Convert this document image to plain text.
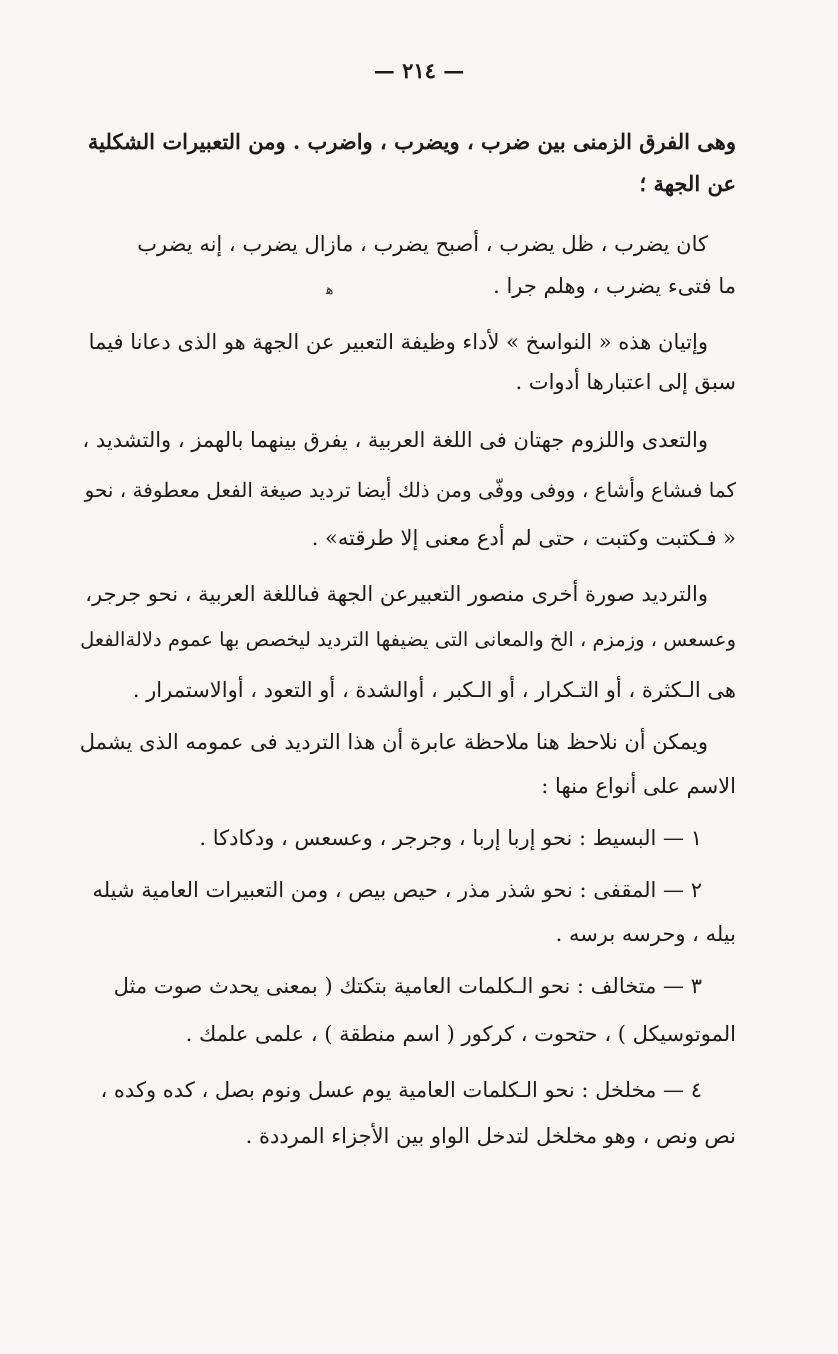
— ٢١٤ —
وهى الفرق الزمنى بين ضرب ، ويضرب ، واضرب . ومن التعبيرات الشكلية
عن الجهة ؛
كان يضرب ، ظل يضرب ، أصبح يضرب ، مازال يضرب ، إنه يضرب
ما فتىء يضرب ، وهلم جرا .
ﻫ
وإتيان هذه « النواسخ » لأداء وظيفة التعبير عن الجهة هو الذى دعانا فيما
سبق إلى اعتبارها أدوات .
والتعدى واللزوم جهتان فى اللغة العربية ، يفرق بينهما بالهمز ، والتشديد ،
كما فىشاع وأشاع ، ووفى ووفّى ومن ذلك أيضا ترديد صيغة الفعل معطوفة ، نحو
« فـكتبت وكتبت ، حتى لم أدع معنى إلا طرقته» .
والترديد صورة أخرى منصور التعبيرعن الجهة فىاللغة العربية ، نحو جرجر،
وعسعس ، وزمزم ، الخ والمعانى التى يضيفها الترديد ليخصص بها عموم دلالةالفعل
هى الـكثرة ، أو التـكرار ، أو الـكبر ، أوالشدة ، أو التعود ، أوالاستمرار .
ويمكن أن نلاحظ هنا ملاحظة عابرة أن هذا الترديد فى عمومه الذى يشمل
الاسم على أنواع منها :
١ — البسيط : نحو إربا إربا ، وجرجر ، وعسعس ، ودكادكا .
٢ — المقفى : نحو شذر مذر ، حيص بيص ، ومن التعبيرات العامية شيله
بيله ، وحرسه برسه .
٣ — متخالف : نحو الـكلمات العامية بتكتك ( بمعنى يحدث صوت مثل
الموتوسيكل ) ، حتحوت ، كركور ( اسم منطقة ) ، علمى علمك .
٤ — مخلخل : نحو الـكلمات العامية يوم عسل ونوم بصل ، كده وكده ،
نص ونص ، وهو مخلخل لتدخل الواو بين الأجزاء المرددة .
